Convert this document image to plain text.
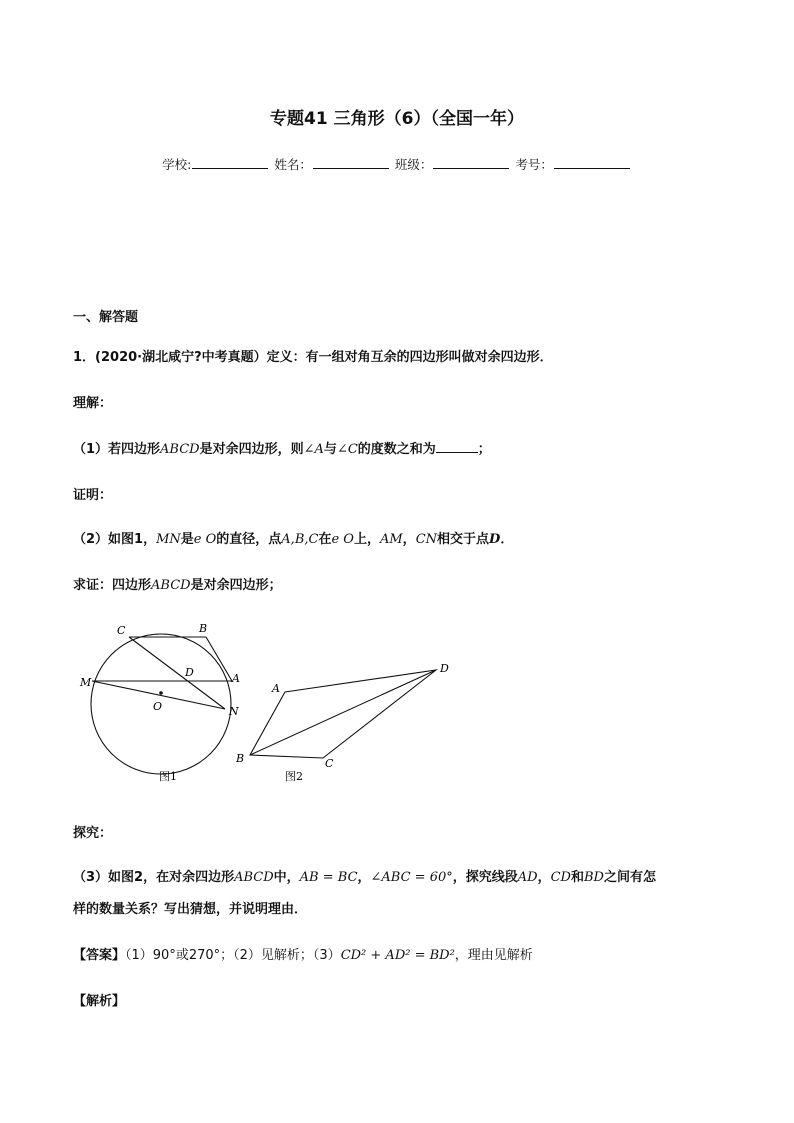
专题41 三角形（6）（全国一年）
学校:	姓名：	班级：	考号：
一、解答题
1．(2020·湖北咸宁?中考真题）定义：有一组对角互余的四边形叫做对余四边形．
理解：
（1）若四边形ABCD是对余四边形，则∠A与∠C的度数之和为	；
证明：
（2）如图1，MN是e O的直径，点A,B,C在e O上，AM，CN相交于点D．
求证：四边形ABCD是对余四边形；
C	B
D
M	A
O	N
图1
A
D
B	C
图2
探究：
（3）如图2，在对余四边形ABCD中，AB = BC，∠ABC = 60°，探究线段AD，CD和BD之间有怎
样的数量关系？写出猜想，并说明理由．
【答案】（1）90°或270°；（2）见解析；（3）CD² + AD² = BD²，理由见解析
【解析】
